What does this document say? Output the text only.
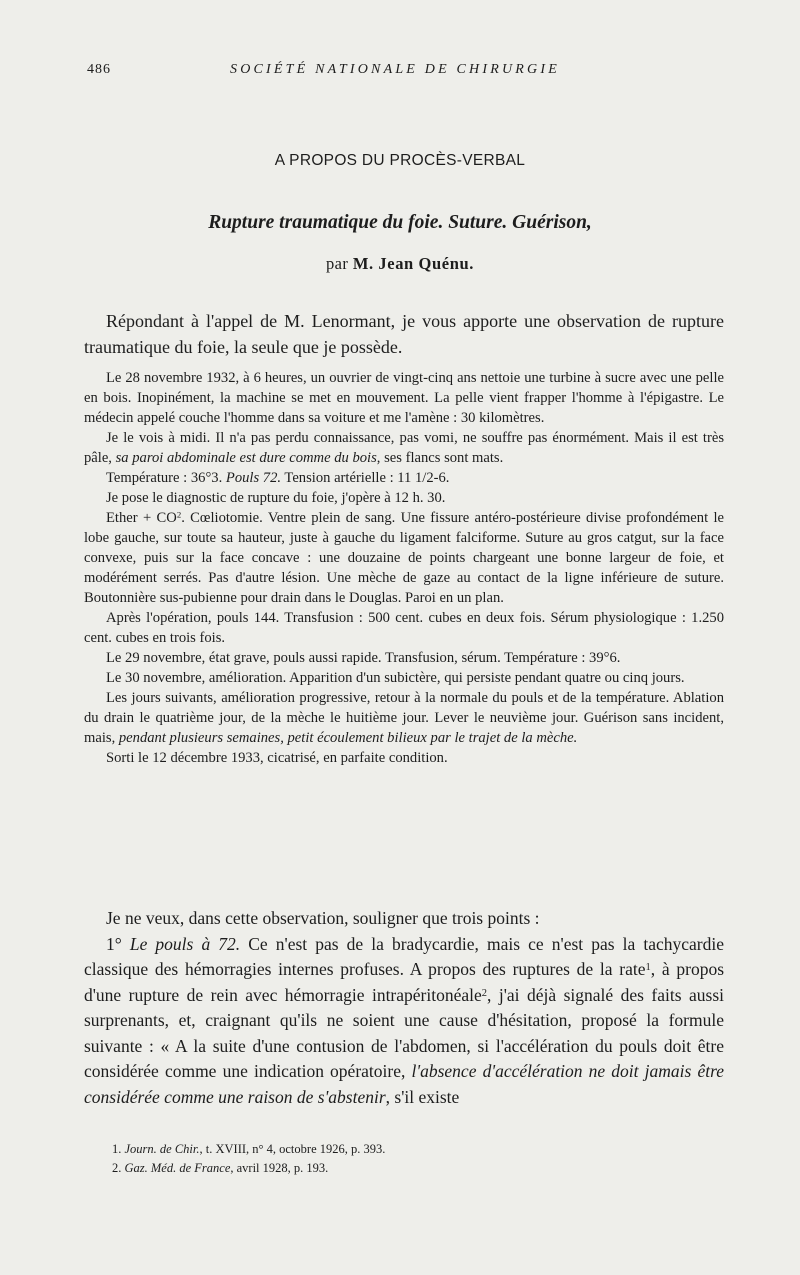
486	SOCIÉTÉ NATIONALE DE CHIRURGIE
A PROPOS DU PROCÈS-VERBAL
Rupture traumatique du foie. Suture. Guérison,
par M. Jean Quénu.

Répondant à l'appel de M. Lenormant, je vous apporte une observation de rupture traumatique du foie, la seule que je possède.

Le 28 novembre 1932, à 6 heures, un ouvrier de vingt-cinq ans nettoie une turbine à sucre avec une pelle en bois. Inopinément, la machine se met en mouvement. La pelle vient frapper l'homme à l'épigastre. Le médecin appelé couche l'homme dans sa voiture et me l'amène : 30 kilomètres.

Je le vois à midi. Il n'a pas perdu connaissance, pas vomi, ne souffre pas énormément. Mais il est très pâle, sa paroi abdominale est dure comme du bois, ses flancs sont mats.

Température : 36°3. Pouls 72. Tension artérielle : 11 1/2-6.

Je pose le diagnostic de rupture du foie, j'opère à 12 h. 30.

Ether + $CO^2$. Cœliotomie. Ventre plein de sang. Une fissure antéro-postérieure divise profondément le lobe gauche, sur toute sa hauteur, juste à gauche du ligament falciforme. Suture au gros catgut, sur la face convexe, puis sur la face concave : une douzaine de points chargeant une bonne largeur de foie, et modérément serrés. Pas d'autre lésion. Une mèche de gaze au contact de la ligne inférieure de suture. Boutonnière sus-pubienne pour drain dans le Douglas. Paroi en un plan.

Après l'opération, pouls 144. Transfusion : 500 cent. cubes en deux fois. Sérum physiologique : 1.250 cent. cubes en trois fois.

Le 29 novembre, état grave, pouls aussi rapide. Transfusion, sérum. Température : 39°6.

Le 30 novembre, amélioration. Apparition d'un subictère, qui persiste pendant quatre ou cinq jours.

Les jours suivants, amélioration progressive, retour à la normale du pouls et de la température. Ablation du drain le quatrième jour, de la mèche le huitième jour. Lever le neuvième jour. Guérison sans incident, mais, pendant plusieurs semaines, petit écoulement bilieux par le trajet de la mèche.

Sorti le 12 décembre 1933, cicatrisé, en parfaite condition.

Je ne veux, dans cette observation, souligner que trois points :

1° Le pouls à 72. Ce n'est pas de la bradycardie, mais ce n'est pas la tachycardie classique des hémorragies internes profuses. A propos des ruptures de la rate$^1$, à propos d'une rupture de rein avec hémorragie intrapéritonéale$^2$, j'ai déjà signalé des faits aussi surprenants, et, craignant qu'ils ne soient une cause d'hésitation, proposé la formule suivante : « A la suite d'une contusion de l'abdomen, si l'accélération du pouls doit être considérée comme une indication opératoire, l'absence d'accélération ne doit jamais être considérée comme une raison de s'abstenir, s'il existe

1. Journ. de Chir., t. XVIII, n° 4, octobre 1926, p. 393.

2. Gaz. Méd. de France, avril 1928, p. 193.
